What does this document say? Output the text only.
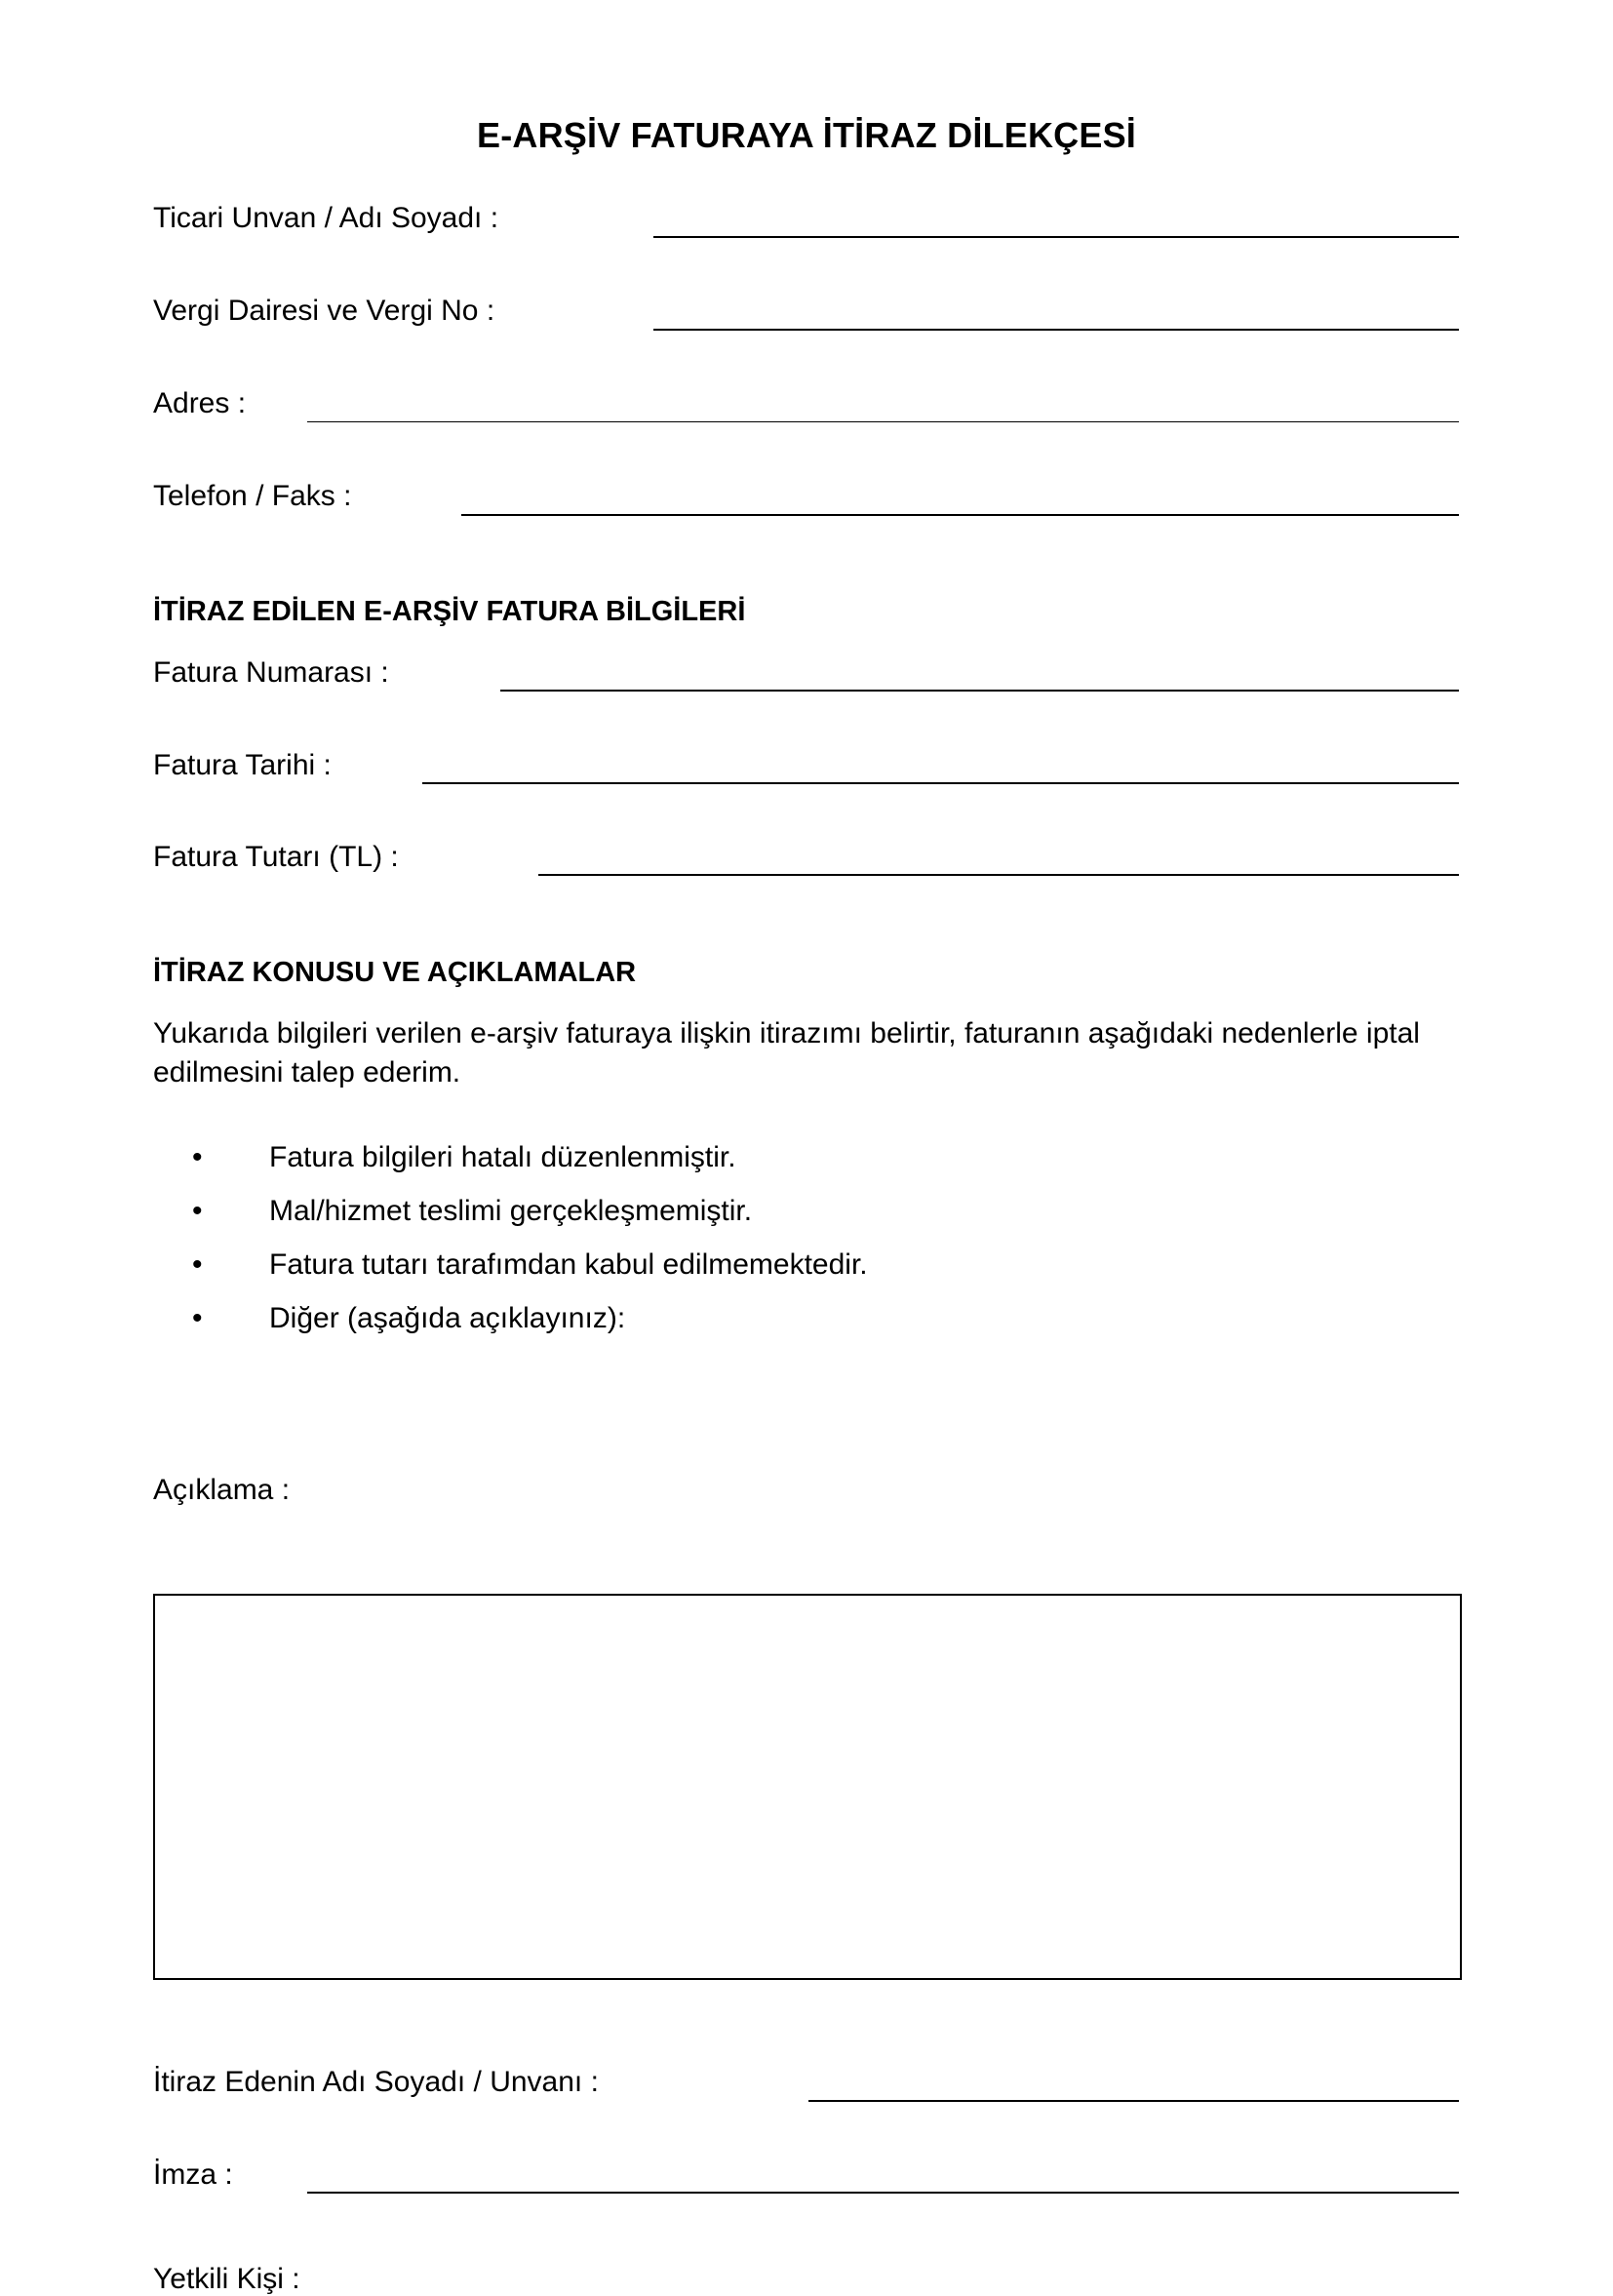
E-ARŞİV FATURAYA İTİRAZ DİLEKÇESİ
Ticari Unvan / Adı Soyadı :
Vergi Dairesi ve Vergi No :
Adres :
Telefon / Faks :
İTİRAZ EDİLEN E-ARŞİV FATURA BİLGİLERİ
Fatura Numarası :
Fatura Tarihi :
Fatura Tutarı (TL) :
İTİRAZ KONUSU VE AÇIKLAMALAR
Yukarıda bilgileri verilen e-arşiv faturaya ilişkin itirazımı belirtir, faturanın aşağıdaki nedenlerle iptal edilmesini talep ederim.
• Fatura bilgileri hatalı düzenlenmiştir.
• Mal/hizmet teslimi gerçekleşmemiştir.
• Fatura tutarı tarafımdan kabul edilmemektedir.
• Diğer (aşağıda açıklayınız):
Açıklama :
İtiraz Edenin Adı Soyadı / Unvanı :
İmza :
Yetkili Kişi :
